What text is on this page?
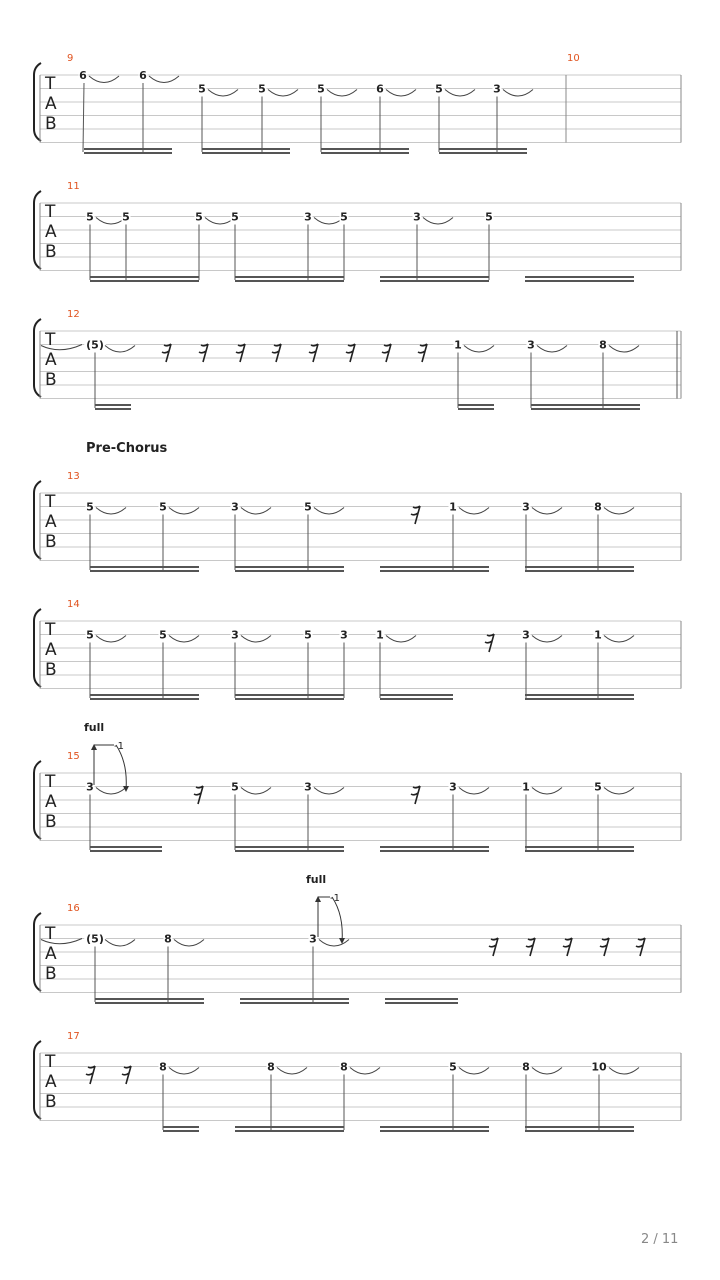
T
A
B
9	10
6	6
5	5	5	6	5	3
T
A
B
11
5	5	5	5	3	5	3	5
T
A
B
12
(5)	1	3	8
Pre-Chorus
T
A
B
13
5	5	3	5	1	3	8
T
A
B
14
5	5	3	5	3	1	3	1
T
A
B
15
3	5	3	3	1	5
full
-1
T
A
B
16
(5)	8	3
full
-1
T
A
B
17
8	8	8	5	8	10
2 / 11
